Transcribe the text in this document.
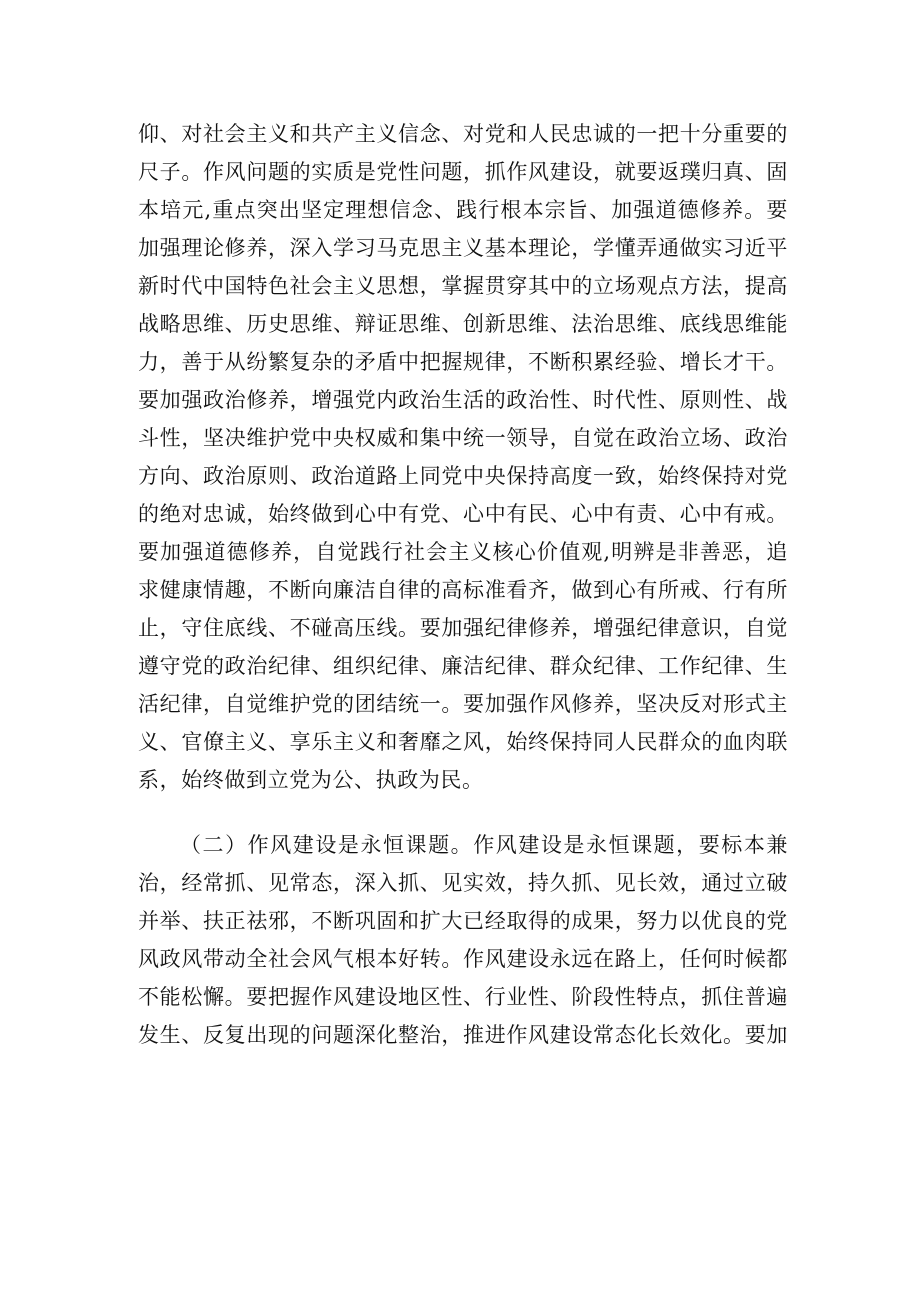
仰、对社会主义和共产主义信念、对党和人民忠诚的一把十分重要的
尺子。作风问题的实质是党性问题，抓作风建设，就要返璞归真、固
本培元,重点突出坚定理想信念、践行根本宗旨、加强道德修养。要
加强理论修养，深入学习马克思主义基本理论，学懂弄通做实习近平
新时代中国特色社会主义思想，掌握贯穿其中的立场观点方法，提高
战略思维、历史思维、辩证思维、创新思维、法治思维、底线思维能
力，善于从纷繁复杂的矛盾中把握规律，不断积累经验、增长才干。
要加强政治修养，增强党内政治生活的政治性、时代性、原则性、战
斗性，坚决维护党中央权威和集中统一领导，自觉在政治立场、政治
方向、政治原则、政治道路上同党中央保持高度一致，始终保持对党
的绝对忠诚，始终做到心中有党、心中有民、心中有责、心中有戒。
要加强道德修养，自觉践行社会主义核心价值观,明辨是非善恶，追
求健康情趣，不断向廉洁自律的高标准看齐，做到心有所戒、行有所
止，守住底线、不碰高压线。要加强纪律修养，增强纪律意识，自觉
遵守党的政治纪律、组织纪律、廉洁纪律、群众纪律、工作纪律、生
活纪律，自觉维护党的团结统一。要加强作风修养，坚决反对形式主
义、官僚主义、享乐主义和奢靡之风，始终保持同人民群众的血肉联
系，始终做到立党为公、执政为民。
（二）作风建设是永恒课题。作风建设是永恒课题，要标本兼
治，经常抓、见常态，深入抓、见实效，持久抓、见长效，通过立破
并举、扶正祛邪，不断巩固和扩大已经取得的成果，努力以优良的党
风政风带动全社会风气根本好转。作风建设永远在路上，任何时候都
不能松懈。要把握作风建设地区性、行业性、阶段性特点，抓住普遍
发生、反复出现的问题深化整治，推进作风建设常态化长效化。要加
